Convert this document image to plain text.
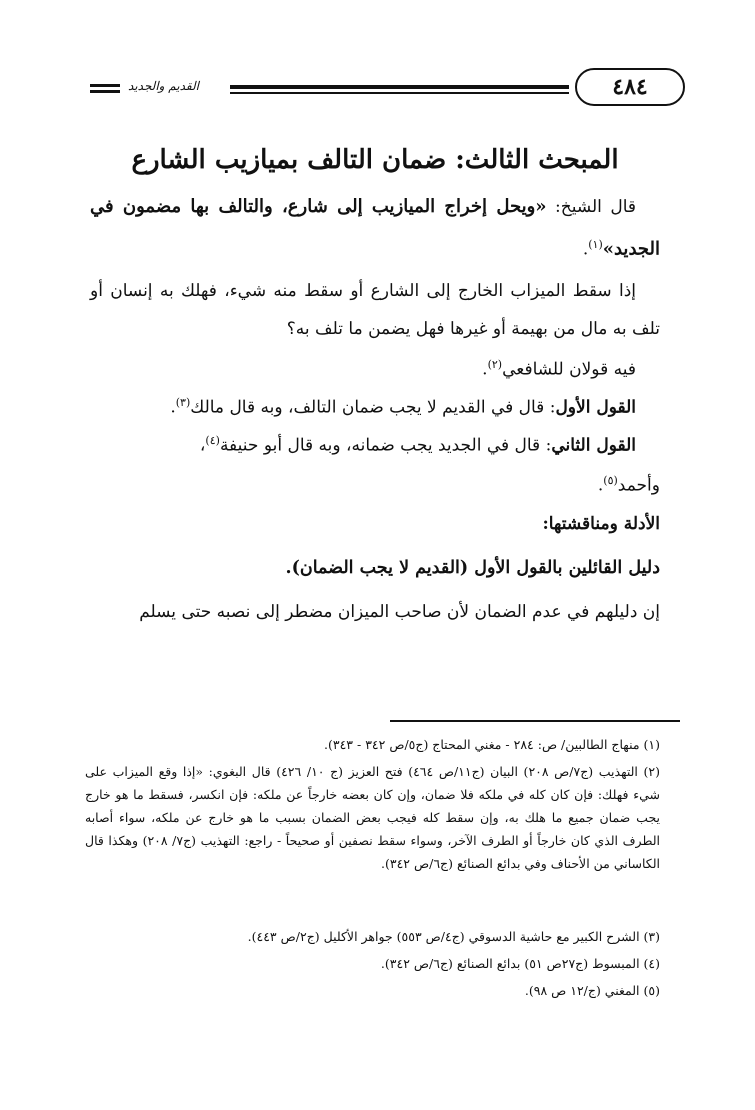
القديم والجديد	٤٨٤
المبحث الثالث: ضمان التالف بميازيب الشارع
قال الشيخ: «ويحل إخراج الميازيب إلى شارع، والتالف بها مضمون في الجديد»$^{(١)}$.
إذا سقط الميزاب الخارج إلى الشارع أو سقط منه شيء، فهلك به إنسان أو تلف به مال من بهيمة أو غيرها فهل يضمن ما تلف به؟
فيه قولان للشافعي$^{(٢)}$.
القول الأول: قال في القديم لا يجب ضمان التالف، وبه قال مالك$^{(٣)}$.
القول الثاني: قال في الجديد يجب ضمانه، وبه قال أبو حنيفة$^{(٤)}$،
وأحمد$^{(٥)}$.
الأدلة ومناقشتها:
دليل القائلين بالقول الأول (القديم لا يجب الضمان).
إن دليلهم في عدم الضمان لأن صاحب الميزان مضطر إلى نصبه حتى يسلم
(١) منهاج الطالبين/ ص: ٢٨٤ - مغني المحتاج (ج٥/ص ٣٤٢ - ٣٤٣).
(٢) التهذيب (ج٧/ص ٢٠٨) البيان (ج١١/ص ٤٦٤) فتح العزيز (ج ١٠/ ٤٢٦) قال البغوي: «إذا وقع الميزاب على شيء فهلك: فإن كان كله في ملكه فلا ضمان، وإن كان بعضه خارجاً عن ملكه: فإن انكسر، فسقط ما هو خارج يجب ضمان جميع ما هلك به، وإن سقط كله فيجب بعض الضمان بسبب ما هو خارج عن ملكه، سواء أصابه الطرف الذي كان خارجاً أو الطرف الآخر، وسواء سقط نصفين أو صحيحاً - راجع: التهذيب (ج٧/ ٢٠٨) وهكذا قال الكاساني من الأحناف وفي بدائع الصنائع (ج٦/ص ٣٤٢).
(٣) الشرح الكبير مع حاشية الدسوقي (ج٤/ص ٥٥٣) جواهر الأكليل (ج٢/ص ٤٤٣).
(٤) المبسوط (ج٢٧ص ٥١) بدائع الصنائع (ج٦/ص ٣٤٢).
(٥) المغني (ج/١٢ ص ٩٨).
